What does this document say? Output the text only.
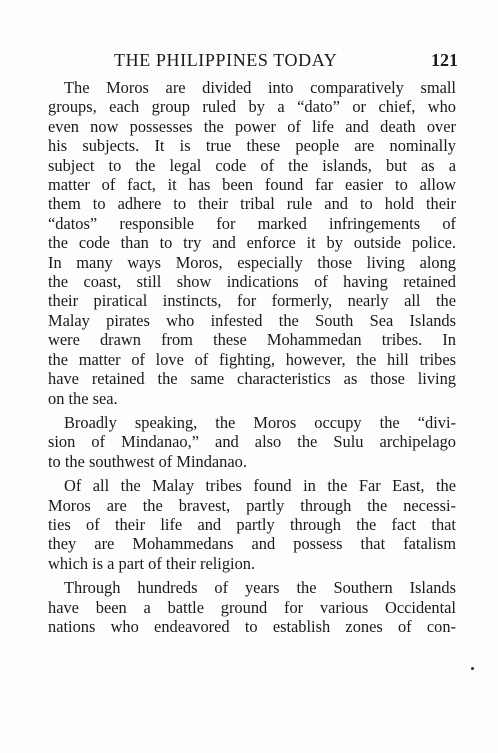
THE PHILIPPINES TODAY	121

The Moros are divided into comparatively small
groups, each group ruled by a “dato” or chief, who
even now possesses the power of life and death over
his subjects. It is true these people are nominally
subject to the legal code of the islands, but as a
matter of fact, it has been found far easier to allow
them to adhere to their tribal rule and to hold their
“datos” responsible for marked infringements of
the code than to try and enforce it by outside police.
In many ways Moros, especially those living along
the coast, still show indications of having retained
their piratical instincts, for formerly, nearly all the
Malay pirates who infested the South Sea Islands
were drawn from these Mohammedan tribes. In
the matter of love of fighting, however, the hill tribes
have retained the same characteristics as those living
on the sea.

Broadly speaking, the Moros occupy the “divi-
sion of Mindanao,” and also the Sulu archipelago
to the southwest of Mindanao.

Of all the Malay tribes found in the Far East, the
Moros are the bravest, partly through the necessi-
ties of their life and partly through the fact that
they are Mohammedans and possess that fatalism
which is a part of their religion.

Through hundreds of years the Southern Islands
have been a battle ground for various Occidental
nations who endeavored to establish zones of con-
